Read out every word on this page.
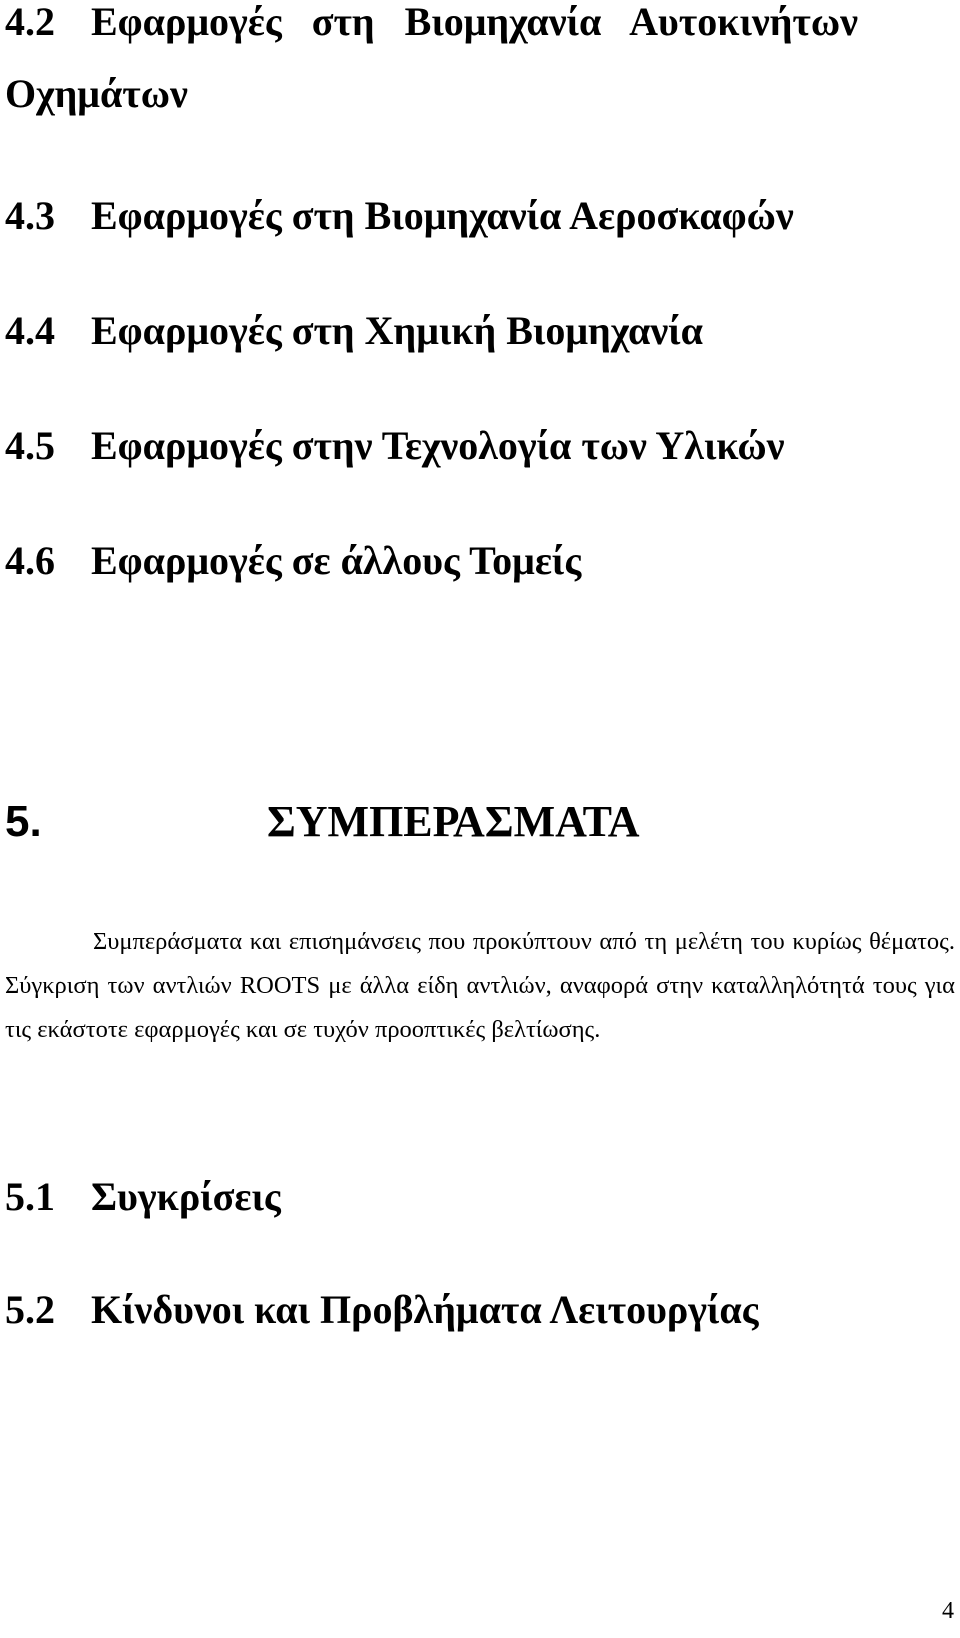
4.2 Εφαρμογές   στη   Βιομηχανία   Αυτοκινήτων
Οχημάτων
4.3 Εφαρμογές στη Βιομηχανία Αεροσκαφών
4.4 Εφαρμογές στη Χημική Βιομηχανία
4.5 Εφαρμογές στην Τεχνολογία των Υλικών
4.6 Εφαρμογές σε άλλους Τομείς
5.	ΣΥΜΠΕΡΑΣΜΑΤΑ

Συμπεράσματα και επισημάνσεις που προκύπτουν από τη μελέτη του κυρίως θέματος. Σύγκριση των αντλιών ROOTS με άλλα είδη αντλιών, αναφορά στην καταλληλότητά τους για τις εκάστοτε εφαρμογές και σε τυχόν προοπτικές βελτίωσης.

5.1 Συγκρίσεις
5.2 Κίνδυνοι και Προβλήματα Λειτουργίας
4
